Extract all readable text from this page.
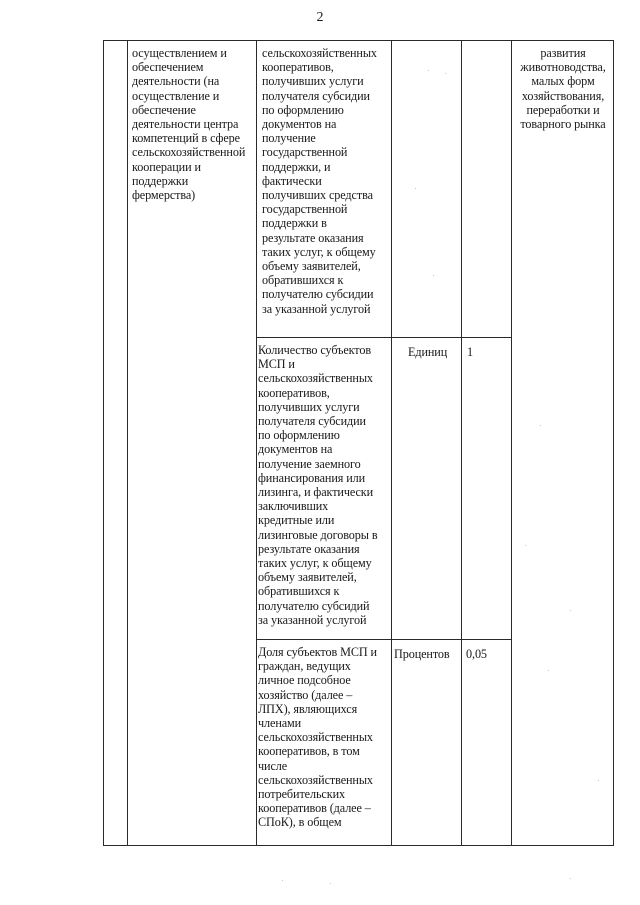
2
осуществлением и
обеспечением
деятельности (на
осуществление и
обеспечение
деятельности центра
компетенций в сфере
сельскохозяйственной
кооперации и
поддержки
фермерства)
развития
животноводства,
малых форм
хозяйствования,
переработки и
товарного рынка
сельскохозяйственных
кооперативов,
получивших услуги
получателя субсидии
по оформлению
документов на
получение
государственной
поддержки, и
фактически
получивших средства
государственной
поддержки в
результате оказания
таких услуг, к общему
объему заявителей,
обратившихся к
получателю субсидии
за указанной услугой
Количество субъектов
МСП и
сельскохозяйственных
кооперативов,
получивших услуги
получателя субсидии
по оформлению
документов на
получение заемного
финансирования или
лизинга, и фактически
заключивших
кредитные или
лизинговые договоры в
результате оказания
таких услуг, к общему
объему заявителей,
обратившихся к
получателю субсидий
за указанной услугой
Единиц	1
Доля субъектов МСП и
граждан, ведущих
личное подсобное
хозяйство (далее –
ЛПХ), являющихся
членами
сельскохозяйственных
кооперативов, в том
числе
сельскохозяйственных
потребительских
кооперативов (далее –
СПоК), в общем
Процентов	0,05
